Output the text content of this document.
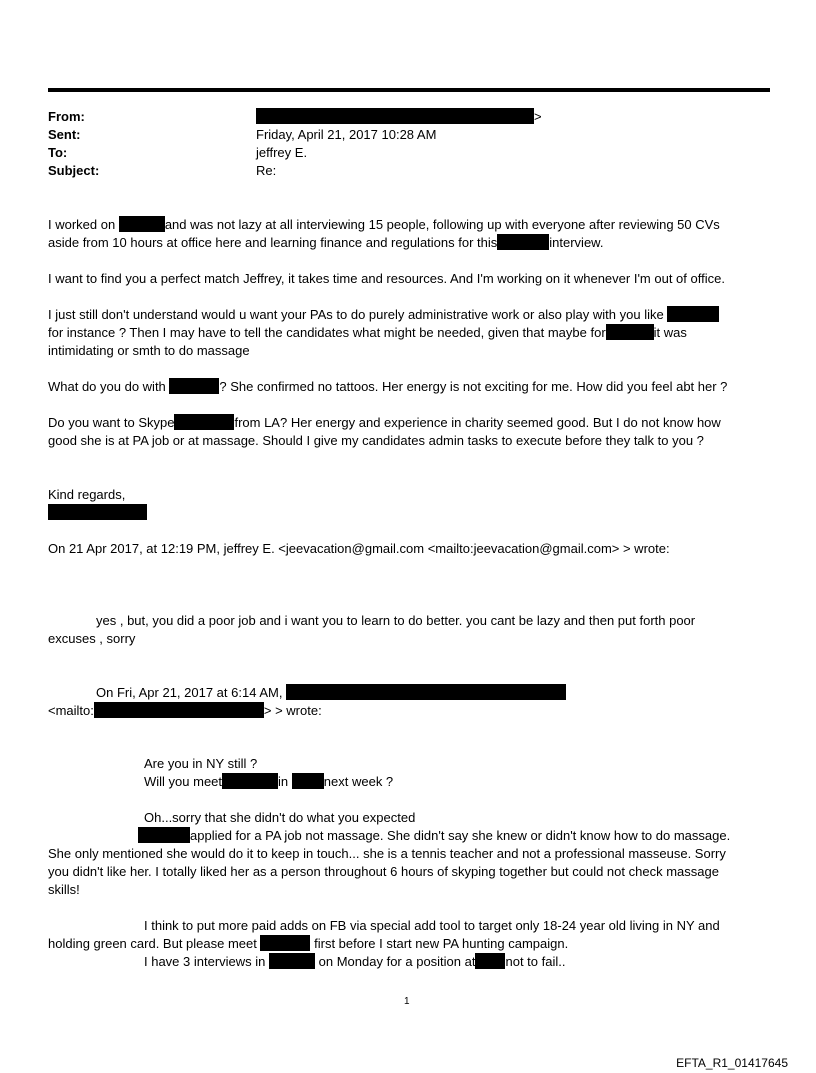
From:	>
Sent:	Friday, April 21, 2017 10:28 AM
To:	jeffrey E.
Subject:	Re:
I worked on	and was not lazy at all interviewing 15 people, following up with everyone after reviewing 50 CVs
aside from 10 hours at office here and learning finance and regulations for this	interview.
I want to find you a perfect match Jeffrey, it takes time and resources. And I'm working on it whenever I'm out of office.
I just still don't understand would u want your PAs to do purely administrative work or also play with you like
for instance ? Then I may have to tell the candidates what might be needed, given that maybe for	it was
intimidating or smth to do massage
What do you do with	? She confirmed no tattoos. Her energy is not exciting for me. How did you feel abt her ?
Do you want to Skype	from LA? Her energy and experience in charity seemed good. But I do not know how
good she is at PA job or at massage. Should I give my candidates admin tasks to execute before they talk to you ?
Kind regards,
On 21 Apr 2017, at 12:19 PM, jeffrey E. <jeevacation@gmail.com <mailto:jeevacation@gmail.com> > wrote:
yes , but, you did a poor job and i want you to learn to do better. you cant be lazy and then put forth poor
excuses , sorry
On Fri, Apr 21, 2017 at 6:14 AM,
<mailto:	> > wrote:
Are you in NY still ?
Will you meet	in	next week ?
Oh...sorry that she didn't do what you expected
applied for a PA job not massage. She didn't say she knew or didn't know how to do massage.
She only mentioned she would do it to keep in touch... she is a tennis teacher and not a professional masseuse. Sorry
you didn't like her. I totally liked her as a person throughout 6 hours of skyping together but could not check massage
skills!
I think to put more paid adds on FB via special add tool to target only 18-24 year old living in NY and
holding green card. But please meet	first before I start new PA hunting campaign.
I have 3 interviews in	on Monday for a position at not to fail..
1
EFTA_R1_01417645
